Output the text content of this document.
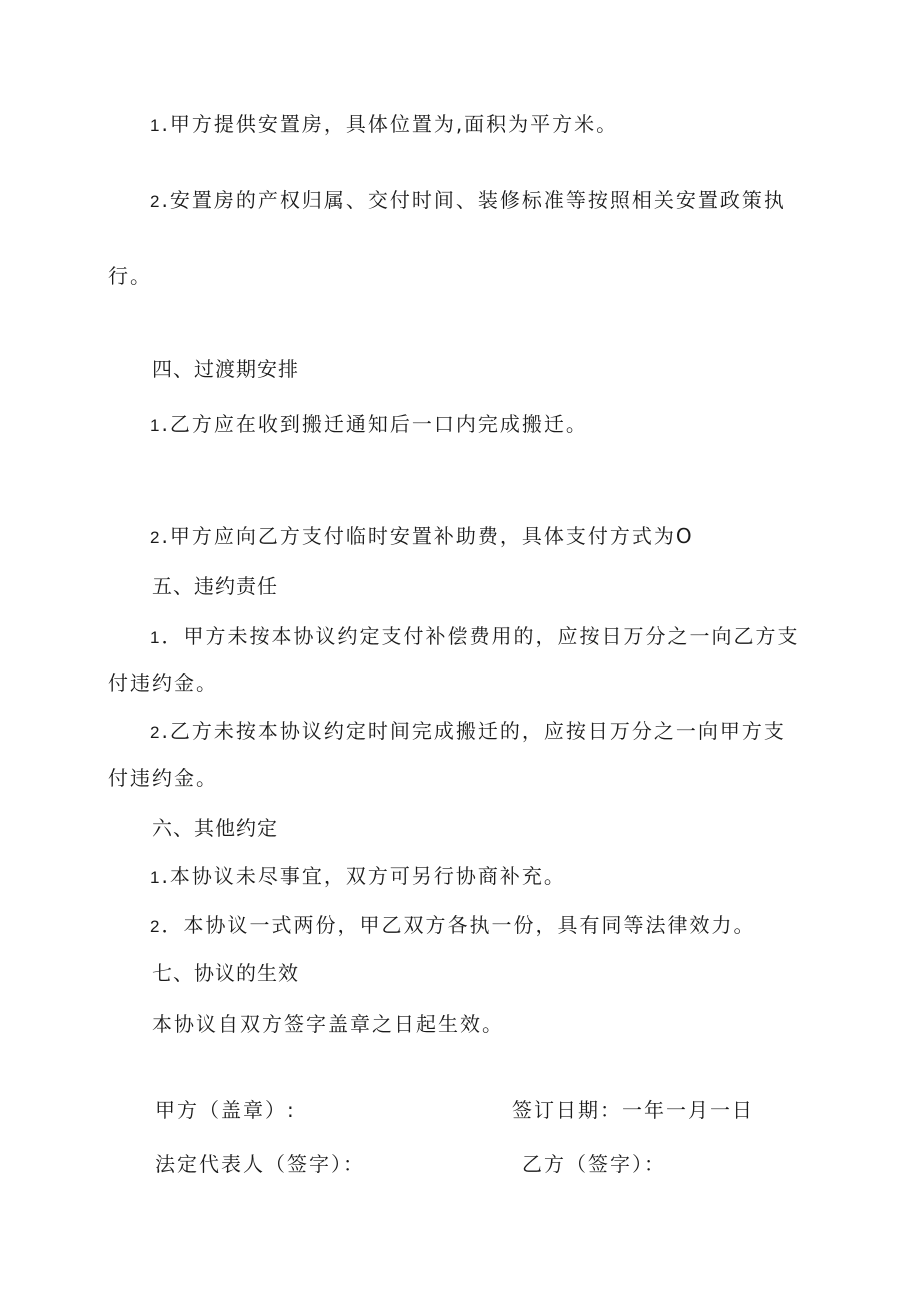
1 .甲方提供安置房，具体位置为,面积为平方米。
2 .安置房的产权归属、交付时间、装修标准等按照相关安置政策执
行。
四、过渡期安排
1 .乙方应在收到搬迁通知后一口内完成搬迁。
2 .甲方应向乙方支付临时安置补助费，具体支付方式为O
五、违约责任
1 ．甲方未按本协议约定支付补偿费用的，应按日万分之一向乙方支
付违约金。
2 .乙方未按本协议约定时间完成搬迁的，应按日万分之一向甲方支
付违约金。
六、其他约定
1 .本协议未尽事宜，双方可另行协商补充。
2 ．本协议一式两份，甲乙双方各执一份，具有同等法律效力。
七、协议的生效
本协议自双方签字盖章之日起生效。
甲方（盖章）:	签订日期：一年一月一日
法定代表人（签字）：	乙方（签字）：
